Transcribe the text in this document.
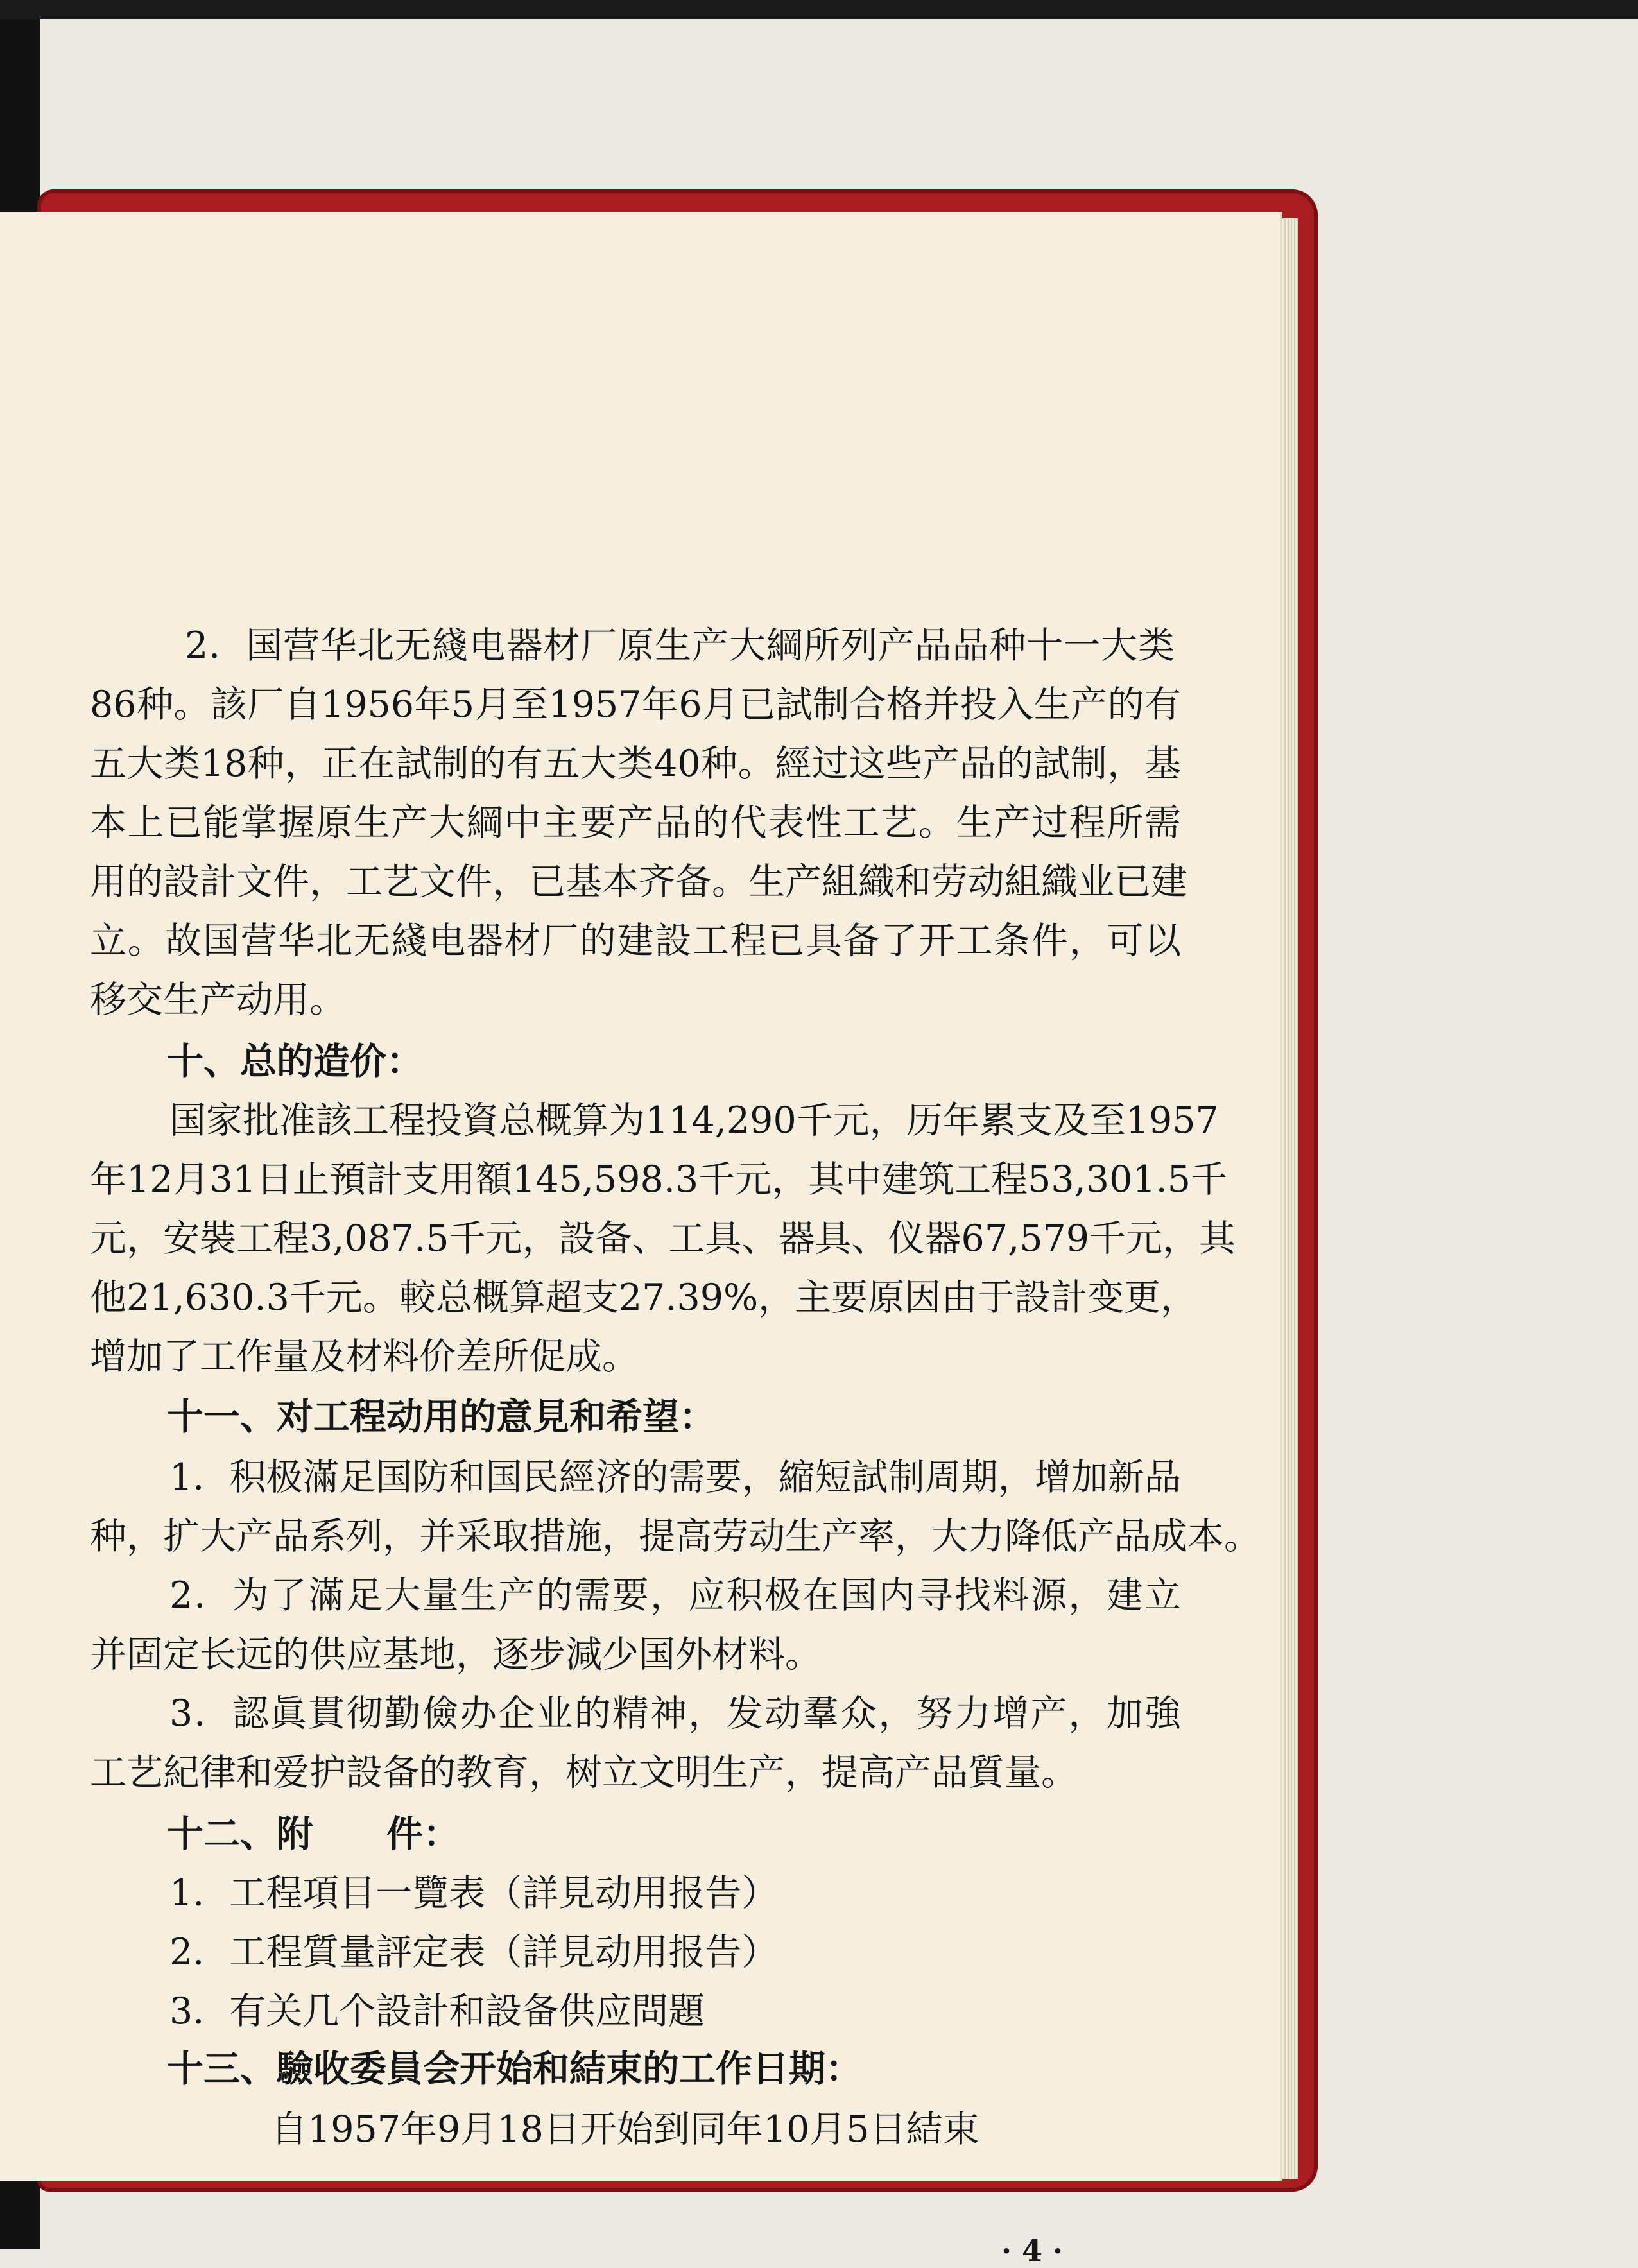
2．国营华北无綫电器材厂原生产大綱所列产品品种十一大类

86种。該厂自1956年5月至1957年6月已試制合格并投入生产的有

五大类18种，正在試制的有五大类40种。經过这些产品的試制，基

本上已能掌握原生产大綱中主要产品的代表性工艺。生产过程所需

用的設計文件，工艺文件，已基本齐备。生产組織和劳动組織业已建

立。故国营华北无綫电器材厂的建設工程已具备了开工条件，可以

移交生产动用。

十、总的造价：

国家批准該工程投資总概算为114,290千元，历年累支及至1957

年12月31日止預計支用額145,598.3千元，其中建筑工程53,301.5千

元，安裝工程3,087.5千元，設备、工具、器具、仪器67,579千元，其

他21,630.3千元。較总概算超支27.39%，主要原因由于設計变更，

增加了工作量及材料价差所促成。

十一、对工程动用的意見和希望：

1．积极滿足国防和国民經济的需要，縮短試制周期，增加新品

种，扩大产品系列，并采取措施，提高劳动生产率，大力降低产品成本。

2．为了滿足大量生产的需要，应积极在国内寻找料源，建立

并固定长远的供应基地，逐步減少国外材料。

3．認眞貫彻勤儉办企业的精神，发动羣众，努力增产，加強

工艺紀律和爱护設备的教育，树立文明生产，提高产品質量。

十二、附　　件：

1．工程項目一覽表（詳見动用报告）

2．工程質量評定表（詳見动用报告）

3．有关几个設計和設备供应問題

十三、驗收委員会开始和結束的工作日期：

自1957年9月18日开始到同年10月5日結束

· 4 ·
